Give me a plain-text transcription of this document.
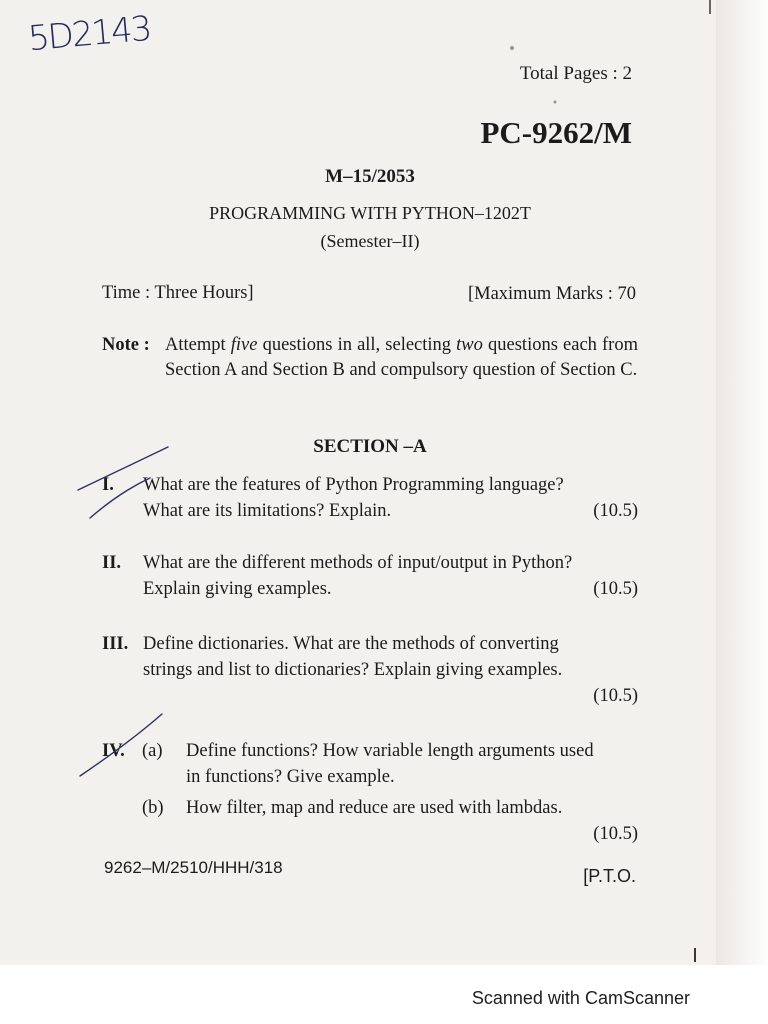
5D2143

Total Pages : 2

PC-9262/M

M–15/2053

PROGRAMMING WITH PYTHON–1202T

(Semester–II)

Time : Three Hours]	[Maximum Marks : 70

Note : Attempt five questions in all, selecting two questions each from Section A and Section B and compulsory question of Section C.

SECTION –A

I. What are the features of Python Programming language?
What are its limitations? Explain.	(10.5)
II. What are the different methods of input/output in Python?
Explain giving examples.	(10.5)
III. Define dictionaries. What are the methods of converting
strings and list to dictionaries? Explain giving examples.
(10.5)
IV. (a) Define functions? How variable length arguments used
in functions? Give example.
(b) How filter, map and reduce are used with lambdas.
(10.5)

9262–M/2510/HHH/318	[P.T.O.

Scanned with CamScanner
